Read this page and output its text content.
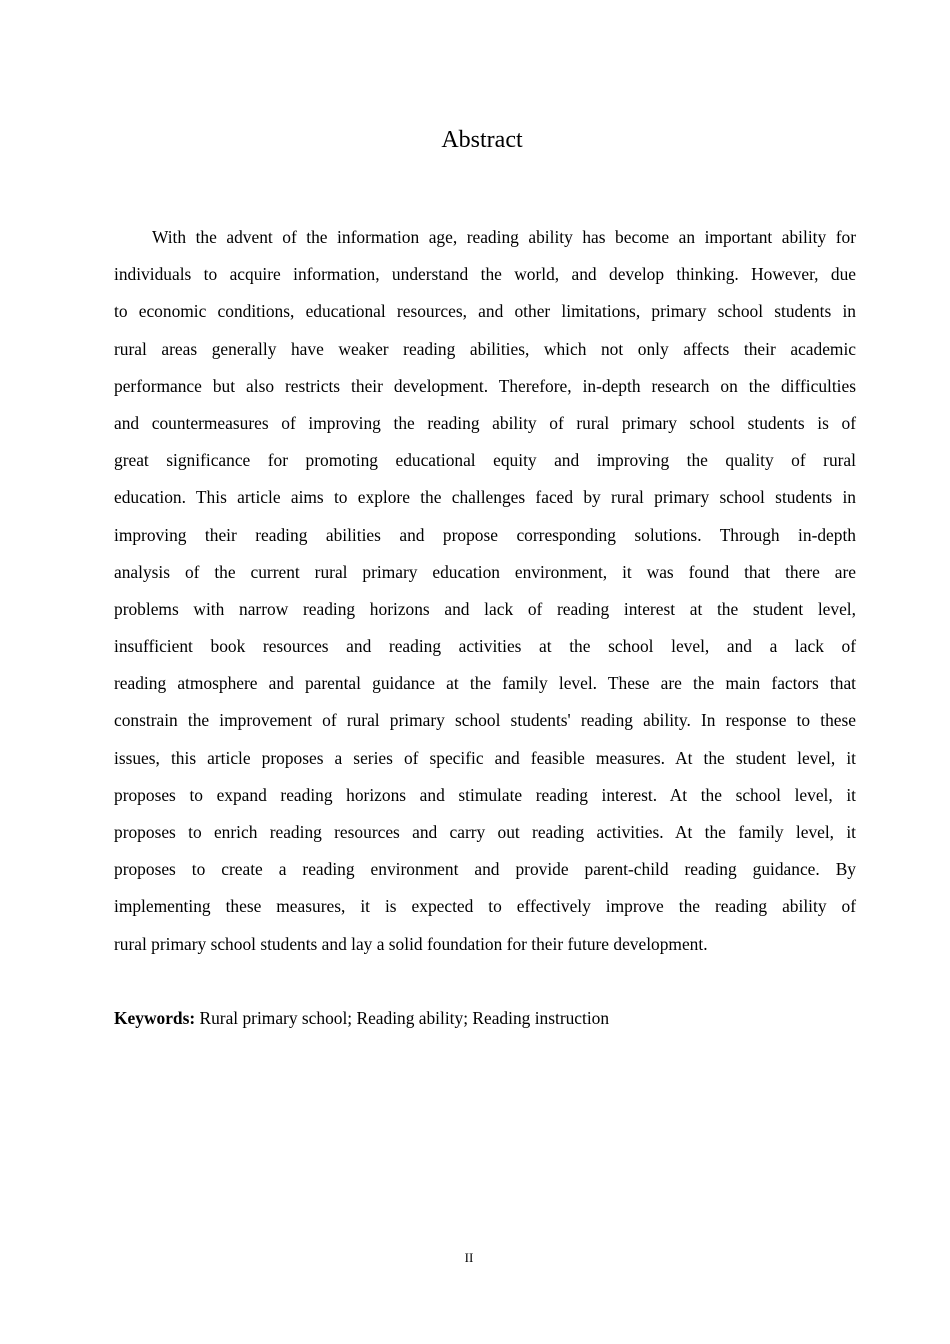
Abstract
With the advent of the information age, reading ability has become an important ability for
individuals to acquire information, understand the world, and develop thinking. However, due
to economic conditions, educational resources, and other limitations, primary school students in
rural areas generally have weaker reading abilities, which not only affects their academic
performance but also restricts their development. Therefore, in-depth research on the difficulties
and countermeasures of improving the reading ability of rural primary school students is of
great significance for promoting educational equity and improving the quality of rural
education. This article aims to explore the challenges faced by rural primary school students in
improving their reading abilities and propose corresponding solutions. Through in-depth
analysis of the current rural primary education environment, it was found that there are
problems with narrow reading horizons and lack of reading interest at the student level,
insufficient book resources and reading activities at the school level, and a lack of
reading atmosphere and parental guidance at the family level. These are the main factors that
constrain the improvement of rural primary school students' reading ability. In response to these
issues, this article proposes a series of specific and feasible measures. At the student level, it
proposes to expand reading horizons and stimulate reading interest. At the school level, it
proposes to enrich reading resources and carry out reading activities. At the family level, it
proposes to create a reading environment and provide parent-child reading guidance. By
implementing these measures, it is expected to effectively improve the reading ability of
rural primary school students and lay a solid foundation for their future development.
Keywords: Rural primary school; Reading ability; Reading instruction
II
